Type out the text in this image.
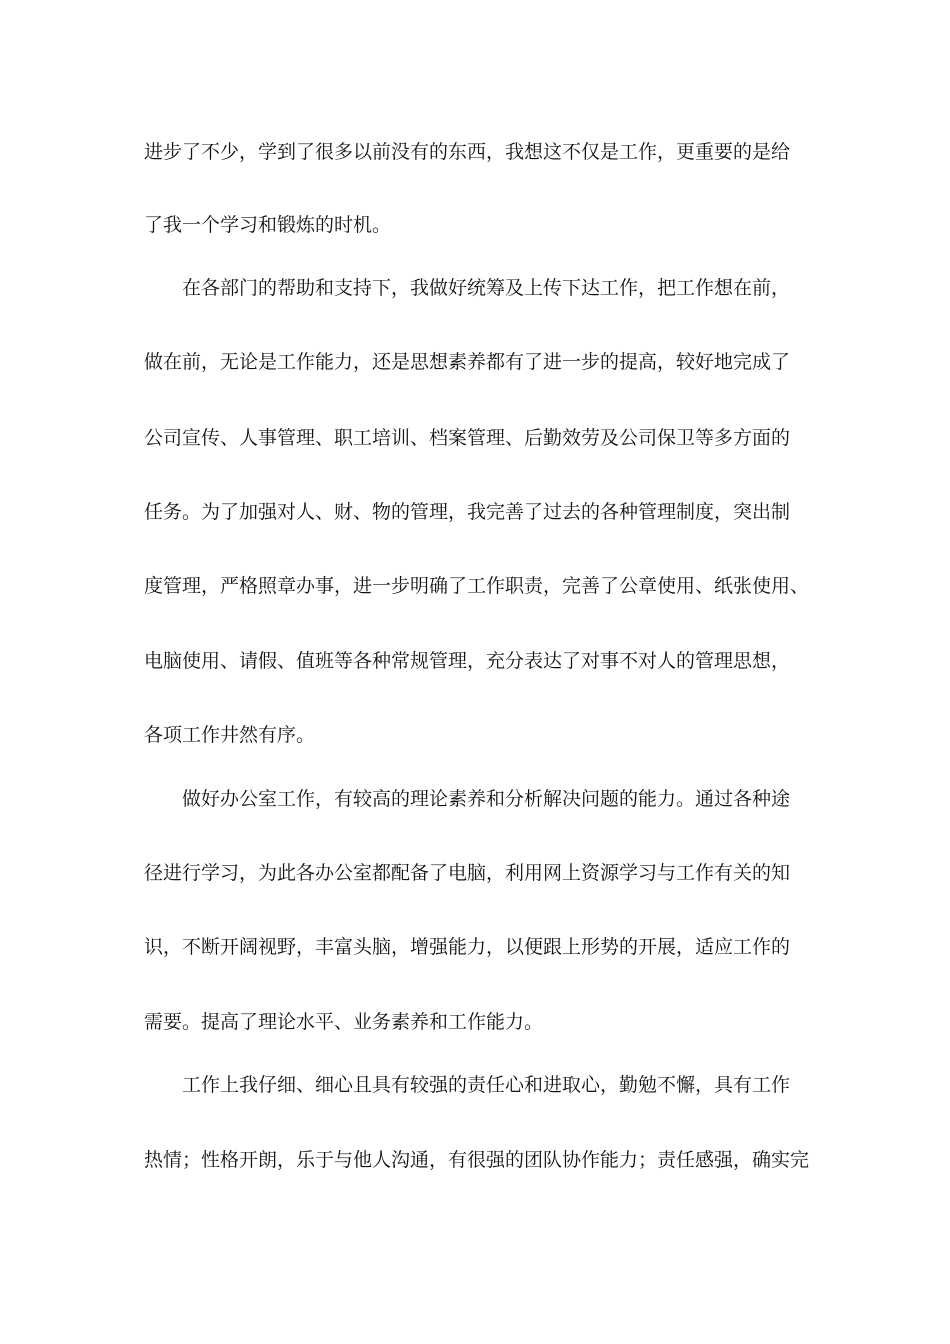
进步了不少，学到了很多以前没有的东西，我想这不仅是工作，更重要的是给
了我一个学习和锻炼的时机。
在各部门的帮助和支持下，我做好统筹及上传下达工作，把工作想在前，
做在前，无论是工作能力，还是思想素养都有了进一步的提高，较好地完成了
公司宣传、人事管理、职工培训、档案管理、后勤效劳及公司保卫等多方面的
任务。为了加强对人、财、物的管理，我完善了过去的各种管理制度，突出制
度管理，严格照章办事，进一步明确了工作职责，完善了公章使用、纸张使用、
电脑使用、请假、值班等各种常规管理，充分表达了对事不对人的管理思想，
各项工作井然有序。
做好办公室工作，有较高的理论素养和分析解决问题的能力。通过各种途
径进行学习，为此各办公室都配备了电脑，利用网上资源学习与工作有关的知
识，不断开阔视野，丰富头脑，增强能力，以便跟上形势的开展，适应工作的
需要。提高了理论水平、业务素养和工作能力。
工作上我仔细、细心且具有较强的责任心和进取心，勤勉不懈，具有工作
热情；性格开朗，乐于与他人沟通，有很强的团队协作能力；责任感强，确实完
